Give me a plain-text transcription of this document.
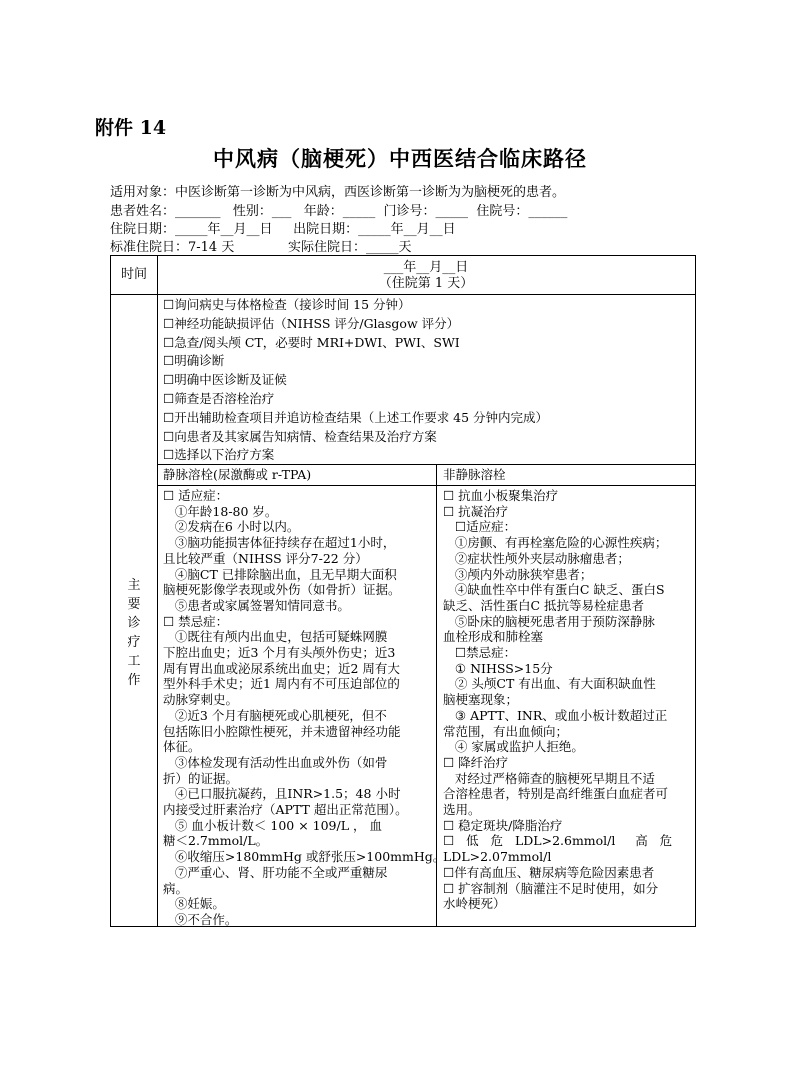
附件 14
中风病（脑梗死）中西医结合临床路径
适用对象：中医诊断第一诊断为中风病，西医诊断第一诊断为为脑梗死的患者。
患者姓名：_______   性别：___   年龄：_____  门诊号：_____  住院号：______
住院日期：_____年__月__日     出院日期：_____年__月__日
标准住院日：7-14 天             实际住院日：_____天
时间	___年__月__日
（住院第 1 天）
主
要
诊
疗
工
作
☐询问病史与体格检查（接诊时间 15 分钟）
☐神经功能缺损评估（NIHSS 评分/Glasgow 评分）
☐急查/阅头颅 CT，必要时 MRI+DWI、PWI、SWI
☐明确诊断
☐明确中医诊断及证候
☐筛查是否溶栓治疗
☐开出辅助检查项目并追访检查结果（上述工作要求 45 分钟内完成）
☐向患者及其家属告知病情、检查结果及治疗方案
☐选择以下治疗方案
静脉溶栓(尿激酶或 r-TPA)	非静脉溶栓
☐ 适应症：
①年龄18-80 岁。
②发病在6 小时以内。
③脑功能损害体征持续存在超过1小时，
且比较严重（NIHSS 评分7-22 分）
④脑CT 已排除脑出血，且无早期大面积
脑梗死影像学表现或外伤（如骨折）证据。
⑤患者或家属签署知情同意书。
☐ 禁忌症：
①既往有颅内出血史，包括可疑蛛网膜
下腔出血史；近3 个月有头颅外伤史；近3
周有胃出血或泌尿系统出血史；近2 周有大
型外科手术史；近1 周内有不可压迫部位的
动脉穿刺史。
②近3 个月有脑梗死或心肌梗死，但不
包括陈旧小腔隙性梗死，并未遗留神经功能
体征。
③体检发现有活动性出血或外伤（如骨
折）的证据。
④已口服抗凝药，且INR>1.5；48 小时
内接受过肝素治疗（APTT 超出正常范围）。
⑤ 血小板计数＜ 100 × 109/L ， 血
糖＜2.7mmol/L。
⑥收缩压>180mmHg 或舒张压>100mmHg。
⑦严重心、肾、肝功能不全或严重糖尿
病。
⑧妊娠。
⑨不合作。
☐ 抗血小板聚集治疗
☐ 抗凝治疗
☐适应症：
①房颤、有再栓塞危险的心源性疾病；
②症状性颅外夹层动脉瘤患者；
③颅内外动脉狭窄患者；
④缺血性卒中伴有蛋白C 缺乏、蛋白S
缺乏、活性蛋白C 抵抗等易栓症患者
⑤卧床的脑梗死患者用于预防深静脉
血栓形成和肺栓塞
☐禁忌症：
① NIHSS>15分
② 头颅CT 有出血、有大面积缺血性
脑梗塞现象；
③ APTT、INR、或血小板计数超过正
常范围，有出血倾向；
④ 家属或监护人拒绝。
☐ 降纤治疗
对经过严格筛查的脑梗死早期且不适
合溶栓患者，特别是高纤维蛋白血症者可
选用。
☐ 稳定斑块/降脂治疗
☐   低   危   LDL>2.6mmol/l     高   危
LDL>2.07mmol/l
☐伴有高血压、糖尿病等危险因素患者
☐ 扩容制剂（脑灌注不足时使用，如分
水岭梗死）
